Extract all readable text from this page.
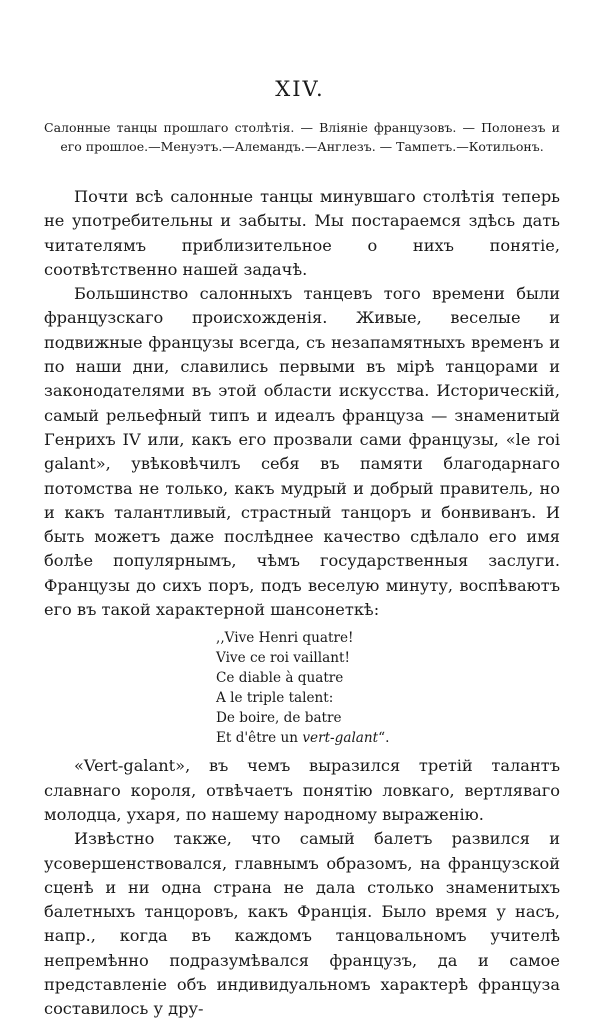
XIV.
Салонные танцы прошлаго столѣтія. — Вліяніе французовъ. — Полонезъ и его прошлое.—Менуэтъ.—Алемандъ.—Англезъ. — Тампетъ.—Котильонъ.

Почти всѣ салонные танцы минувшаго столѣтія теперь не употребительны и забыты. Мы постараемся здѣсь дать читателямъ приблизительное о нихъ понятіе, соотвѣтственно нашей задачѣ.

Большинство салонныхъ танцевъ того времени были французскаго происхожденія. Живые, веселые и подвижные французы всегда, съ незапамятныхъ временъ и по наши дни, славились первыми въ мірѣ танцорами и законодателями въ этой области искусства. Историческій, самый рельефный типъ и идеалъ француза — знаменитый Генрихъ IV или, какъ его прозвали сами французы, «le roi galant», увѣковѣчилъ себя въ памяти благодарнаго потомства не только, какъ мудрый и добрый правитель, но и какъ талантливый, страстный танцоръ и бонвиванъ. И быть можетъ даже послѣднее качество сдѣлало его имя болѣе популярнымъ, чѣмъ государственныя заслуги. Французы до сихъ поръ, подъ веселую минуту, воспѣваютъ его въ такой характерной шансонеткѣ:

,,Vive Henri quatre!
Vive ce roi vaillant!
Ce diable à quatre
A le triple talent:
De boire, de batre
Et d'être un vert-galant“.

«Vert-galant», въ чемъ выразился третій талантъ славнаго короля, отвѣчаетъ понятію ловкаго, вертляваго молодца, ухаря, по нашему народному выраженію.

Извѣстно также, что самый балетъ развился и усовершенствовался, главнымъ образомъ, на французской сценѣ и ни одна страна не дала столько знаменитыхъ балетныхъ танцоровъ, какъ Франція. Было время у насъ, напр., когда въ каждомъ танцовальномъ учителѣ непремѣнно подразумѣвался французъ, да и самое представленіе объ индивидуальномъ характерѣ француза составилось у дру-
